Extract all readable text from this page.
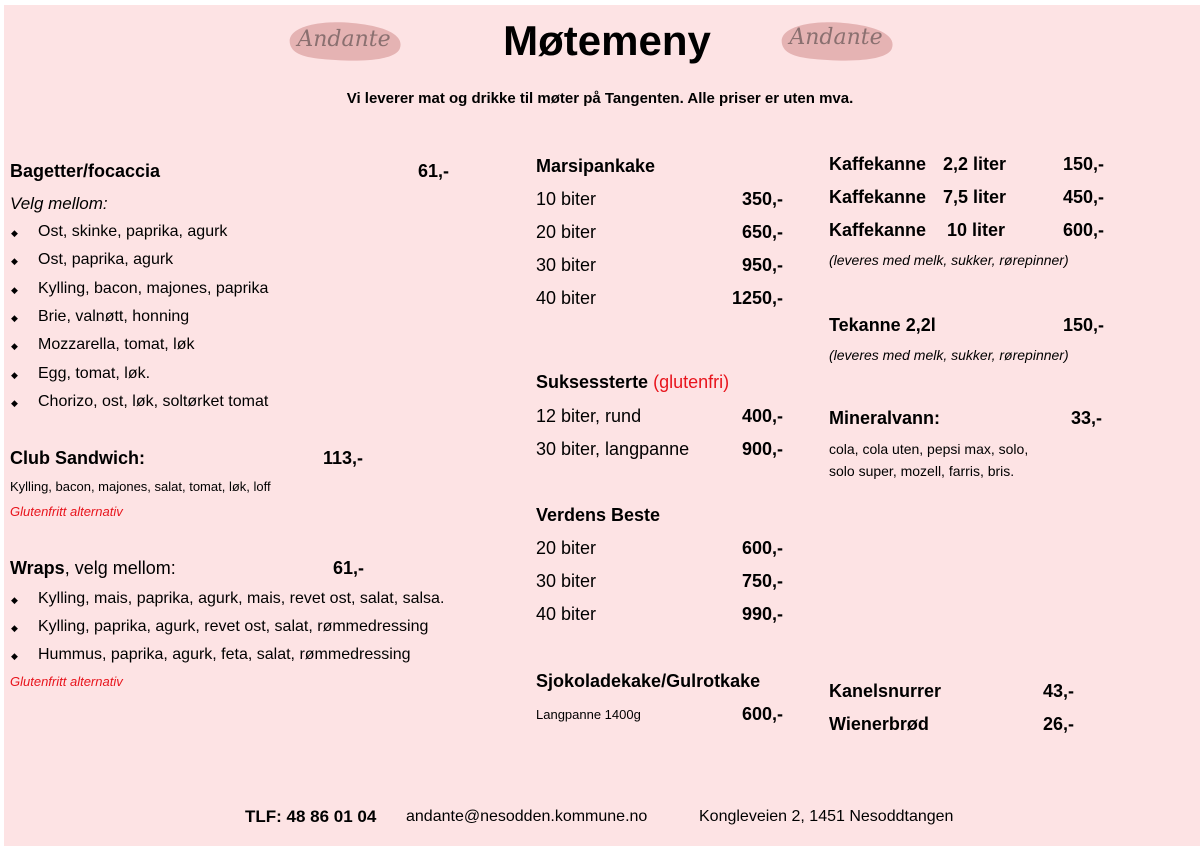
Andante	Andante
Møtemeny
Vi leverer mat og drikke til møter på Tangenten. Alle priser er uten mva.
Bagetter/focaccia	61,-
Velg mellom:
◆ Ost, skinke, paprika, agurk
◆ Ost, paprika, agurk
◆ Kylling, bacon, majones, paprika
◆ Brie, valnøtt, honning
◆ Mozzarella, tomat, løk
◆ Egg, tomat, løk.
◆ Chorizo, ost, løk, soltørket tomat
Club Sandwich:	113,-
Kylling, bacon, majones, salat, tomat, løk, loff
Glutenfritt alternativ
Wraps, velg mellom:	61,-
◆ Kylling, mais, paprika, agurk, mais, revet ost, salat, salsa.
◆ Kylling, paprika, agurk, revet ost, salat, rømmedressing
◆ Hummus, paprika, agurk, feta, salat, rømmedressing
Glutenfritt alternativ
Marsipankake
10 biter	350,-
20 biter	650,-
30 biter	950,-
40 biter	1250,-
Suksessterte (glutenfri)
12 biter, rund	400,-
30 biter, langpanne	900,-
Verdens Beste
20 biter	600,-
30 biter	750,-
40 biter	990,-
Sjokoladekake/Gulrotkake
Langpanne 1400g	600,-
Kaffekanne 2,2 liter	150,-
Kaffekanne 7,5 liter	450,-
Kaffekanne 10 liter	600,-
(leveres med melk, sukker, rørepinner)
Tekanne 2,2l	150,-
(leveres med melk, sukker, rørepinner)
Mineralvann:	33,-
cola, cola uten, pepsi max, solo,
solo super, mozell, farris, bris.
Kanelsnurrer	43,-
Wienerbrød	26,-
TLF: 48 86 01 04 andante@nesodden.kommune.no	Kongleveien 2, 1451 Nesoddtangen
